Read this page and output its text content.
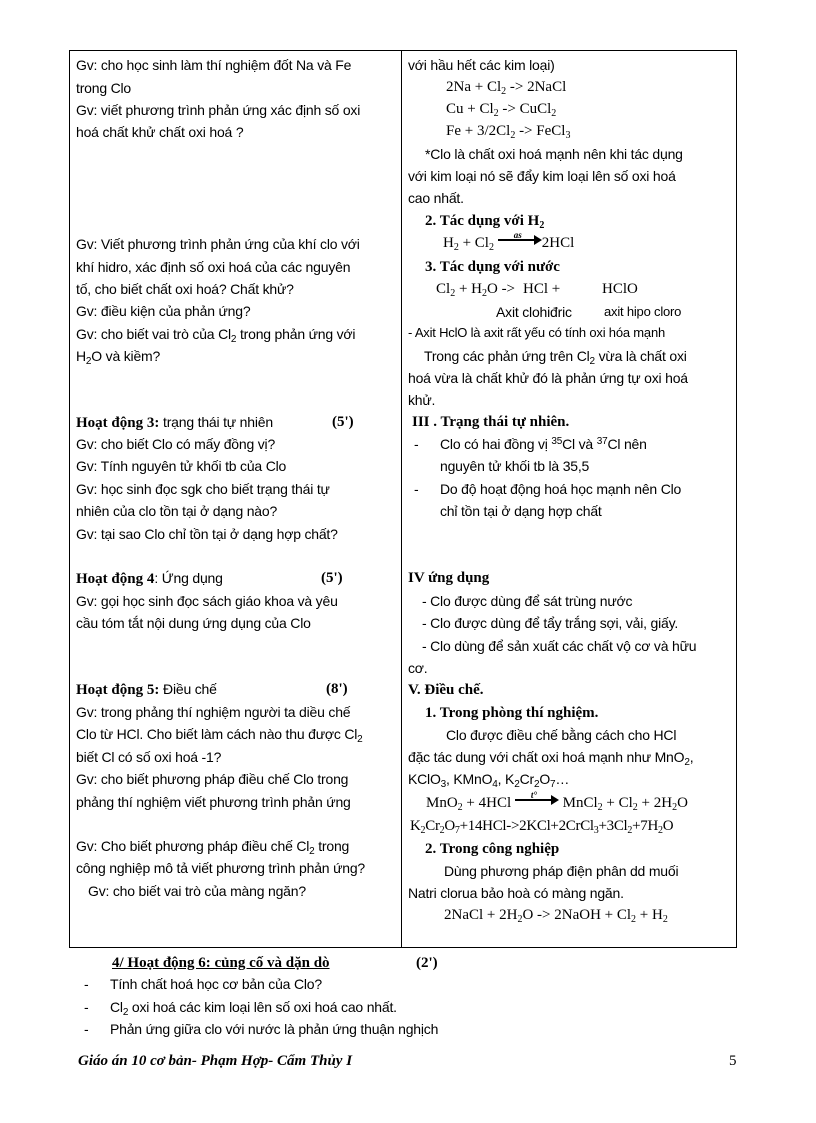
Gv: cho học sinh làm thí nghiệm đốt Na và Fe
trong Clo
Gv: viết phương trình phản ứng xác định số oxi
hoá chất khử chất oxi hoá ?
Gv: Viết phương trình phản ứng của khí clo với
khí hidro, xác định số oxi hoá của các nguyên
tố, cho biết chất oxi hoá? Chất khử?
Gv: điều kiện của phản ứng?
Gv: cho biết vai trò của $Cl_2$ trong phản ứng với
$H_2O$ và kiềm?
Hoạt động 3: trạng thái tự nhiên	(5')
Gv: cho biết Clo có mấy đồng vị?
Gv: Tính nguyên tử khối tb của Clo
Gv: học sinh đọc sgk cho biết trạng thái tự
nhiên của clo tồn tại ở dạng nào?
Gv: tại sao Clo chỉ tồn tại ở dạng hợp chất?
Hoạt động 4: Ứng dụng	(5')
Gv: gọi học sinh đọc sách giáo khoa và yêu
cầu tóm tắt nội dung ứng dụng của Clo
Hoạt động 5: Điều chế	(8')
Gv: trong phảng thí nghiệm người ta diều chế
Clo từ HCl. Cho biết làm cách nào thu được $Cl_2$
biết Cl có số oxi hoá -1?
Gv: cho biết phương pháp điều chế Clo trong
phảng thí nghiệm viết phương trình phản ứng
Gv: Cho biết phương pháp điều chế $Cl_2$ trong
công nghiệp mô tả viết phương trình phản ứng?
Gv: cho biết vai trò của màng ngăn?
với hầu hết các kim loại)
$2Na + Cl_2$ -> 2NaCl
$Cu + Cl_2$ -> CuCl$_2$
$Fe + 3/2Cl_2$ -> FeCl$_3$
*Clo là chất oxi hoá mạnh nên khi tác dụng
với kim loại nó sẽ đẩy kim loại lên số oxi hoá
cao nhất.
2. Tác dụng với $H_2$
$H_2 + Cl_2$
as 2HCl
3. Tác dụng với nước
$Cl_2 + H_2O$ -> HCl +	HClO
Axit clohiđric axit hipo cloro
- Axit HclO là axit rất yếu có tính oxi hóa mạnh
Trong các phản ứng trên $Cl_2$ vừa là chất oxi
hoá vừa là chất khử đó là phản ứng tự oxi hoá
khử.
III . Trạng thái tự nhiên.
- Clo có hai đồng vị $^{35}$Cl và $^{37}$Cl nên
nguyên tử khối tb là 35,5
- Do độ hoạt động hoá học mạnh nên Clo
chỉ tồn tại ở dạng hợp chất
IV ứng dụng
- Clo được dùng để sát trùng nước
- Clo được dùng để tẩy trắng sợi, vải, giấy.
- Clo dùng để sản xuất các chất vộ cơ và hữu
cơ.
V. Điều chế.
1. Trong phòng thí nghiệm.
Clo được điều chế bằng cách cho HCl
đặc tác dung với chất oxi hoá mạnh như MnO$_2$,
KClO$_3$, KMnO$_4$, $K_2Cr_2O_7\dots$
MnO$_2$ + 4HCl t° MnCl$_2$ + $Cl_2 + 2H_2O$
$K_2Cr_2O_7+14HCl->2KCl+2CrCl_3+3Cl_2+7H_2O$
2. Trong công nghiệp
Dùng phương pháp điện phân dd muối
Natri clorua bảo hoà có màng ngăn.
2NaCl + $2H_2O$ -> 2NaOH + $Cl_2 + H_2$
4/ Hoạt động 6: củng cố và dặn dò	(2')
- Tính chất hoá học cơ bản của Clo?
- $Cl_2$ oxi hoá các kim loại lên số oxi hoá cao nhất.
- Phản ứng giữa clo với nước là phản ứng thuận nghịch
Giáo án 10 cơ bản- Phạm Hợp- Cẩm Thủy I	5
